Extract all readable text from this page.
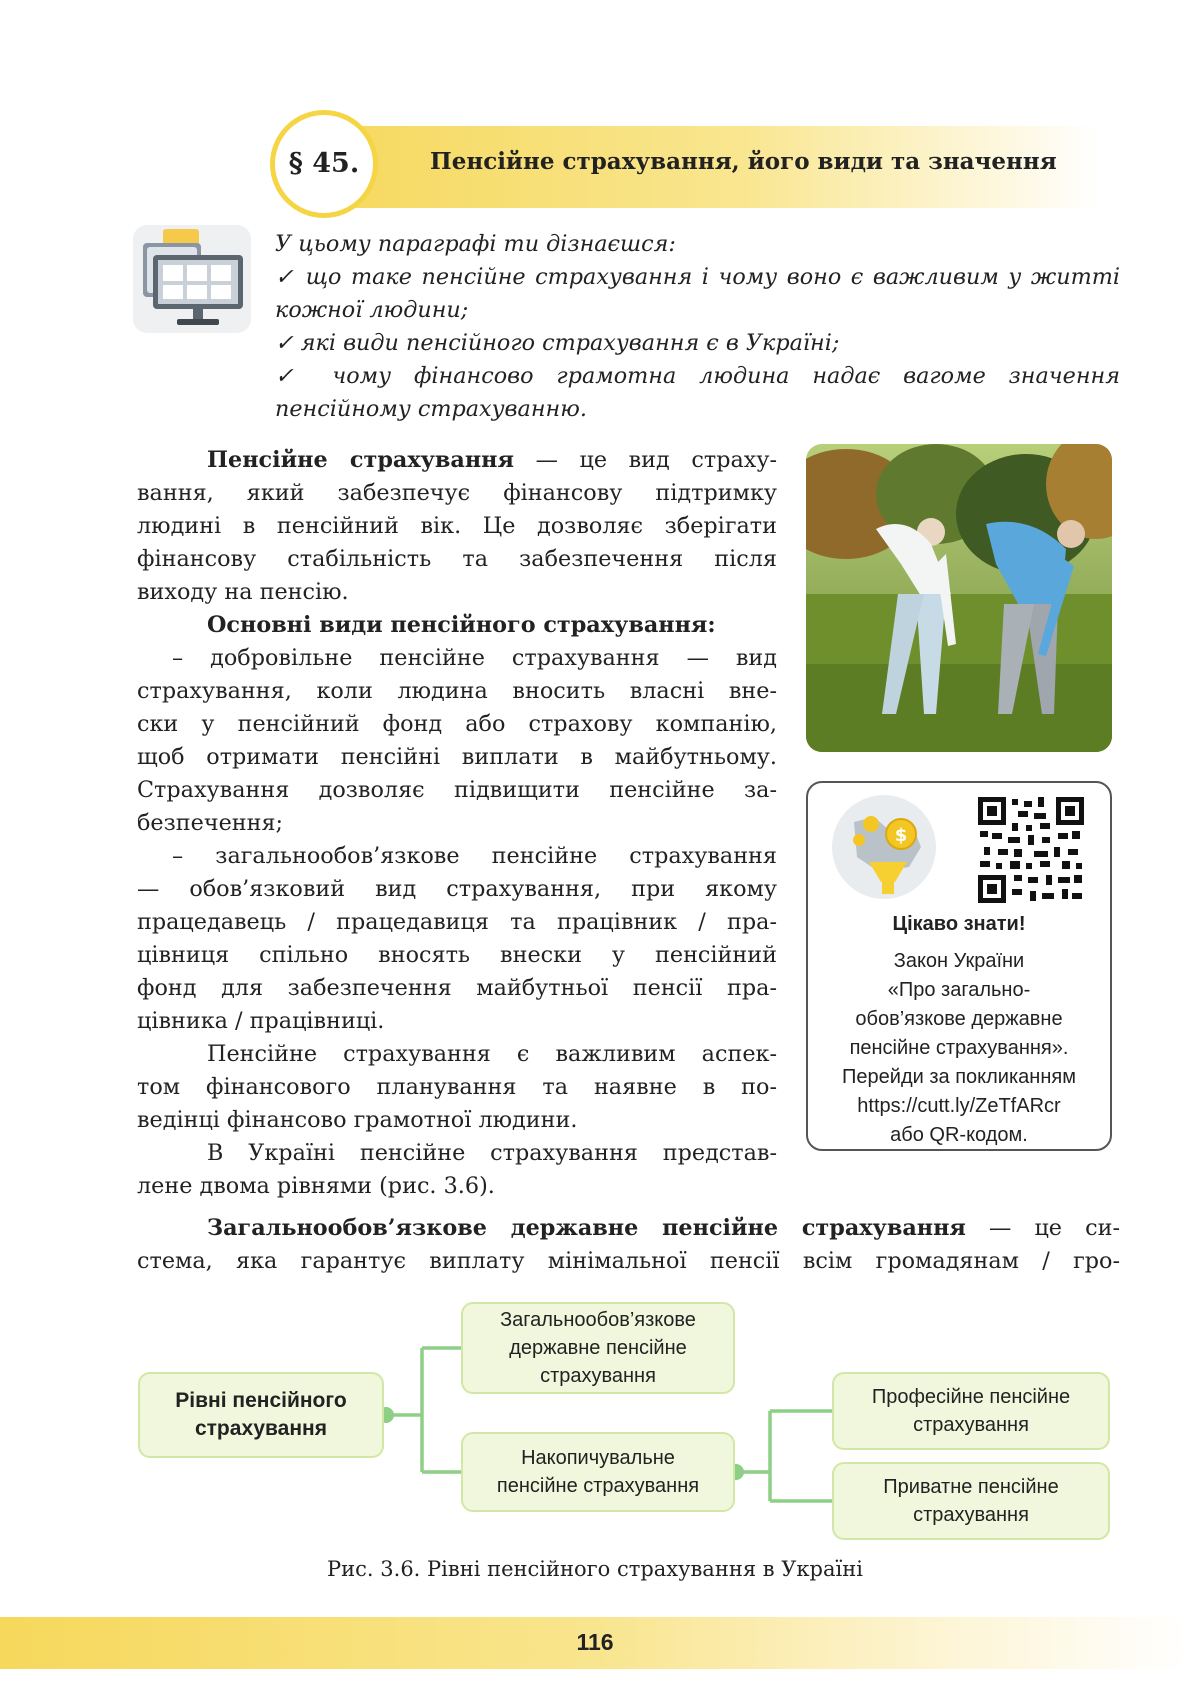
§ 45.	Пенсійне страхування, його види та значення

У цьому параграфі ти дізнаєшся:

✓ що таке пенсійне страхування і чому воно є важливим у житті кожної людини;

✓ які види пенсійного страхування є в Україні;

✓ чому фінансово грамотна людина надає вагоме значення пенсійному страхуванню.

Пенсійне страхування — це вид страху-
вання, який забезпечує фінансову підтримку
людині в пенсійний вік. Це дозволяє зберігати
фінансову стабільність та забезпечення після
виходу на пенсію.
Основні види пенсійного страхування:
– добровільне пенсійне страхування — вид
страхування, коли людина вносить власні вне-
ски у пенсійний фонд або страхову компанію,
щоб отримати пенсійні виплати в майбутньому.
Страхування дозволяє підвищити пенсійне за-
безпечення;
– загальнообов’язкове пенсійне страхування
— обов’язковий вид страхування, при якому
працедавець / працедавиця та працівник / пра-
цівниця спільно вносять внески у пенсійний
фонд для забезпечення майбутньої пенсії пра-
цівника / працівниці.
Пенсійне страхування є важливим аспек-
том фінансового планування та наявне в по-
ведінці фінансово грамотної людини.
В Україні пенсійне страхування представ-
лене двома рівнями (рис. 3.6).
Загальнообов’язкове державне пенсійне страхування — це си-
стема, яка гарантує виплату мінімальної пенсії всім громадянам / гро-
$
Цікаво знати!
Закон України
«Про загально-
обов’язкове державне
пенсійне страхування».
Перейди за покликанням
https://cutt.ly/ZeTfARcr
або QR-кодом.
Рівні пенсійного
страхування
Загальнообов’язкове
державне пенсійне
страхування
Накопичувальне
пенсійне страхування
Професійне пенсійне
страхування
Приватне пенсійне
страхування
Рис. 3.6. Рівні пенсійного страхування в Україні
116
